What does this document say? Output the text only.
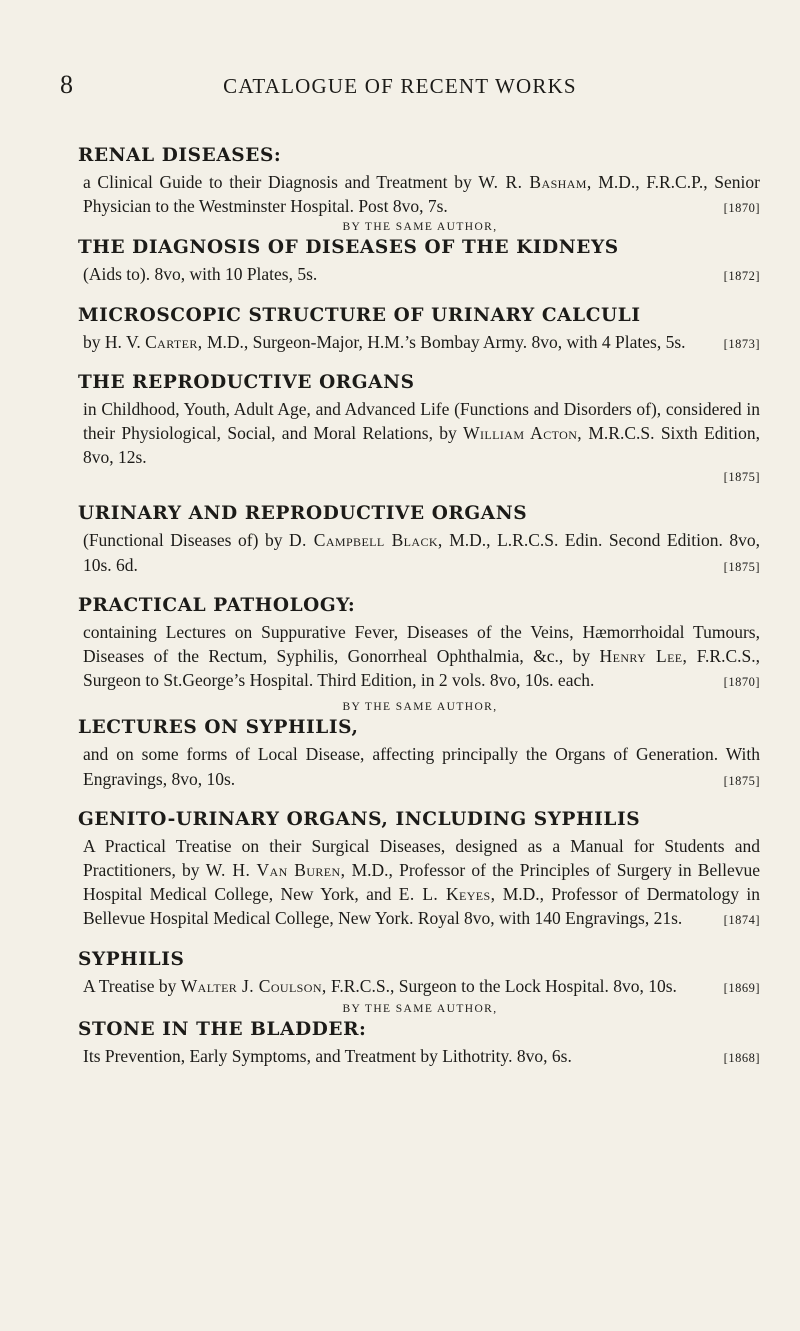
8	CATALOGUE OF RECENT WORKS
RENAL DISEASES:
a Clinical Guide to their Diagnosis and Treatment by W. R. Basham, M.D., F.R.C.P., Senior Physician to the Westminster Hospital. Post 8vo, 7s.	[1870]
BY THE SAME AUTHOR,
THE DIAGNOSIS OF DISEASES OF THE KIDNEYS
(Aids to). 8vo, with 10 Plates, 5s.	[1872]
MICROSCOPIC STRUCTURE OF URINARY CALCULI
by H. V. Carter, M.D., Surgeon-Major, H.M.’s Bombay Army. 8vo, with 4 Plates, 5s.	[1873]
THE REPRODUCTIVE ORGANS
in Childhood, Youth, Adult Age, and Advanced Life (Functions and Disorders of), considered in their Physiological, Social, and Moral Relations, by William Acton, M.R.C.S. Sixth Edition, 8vo, 12s.
[1875]
URINARY AND REPRODUCTIVE ORGANS
(Functional Diseases of) by D. Campbell Black, M.D., L.R.C.S. Edin. Second Edition. 8vo, 10s. 6d.	[1875]
PRACTICAL PATHOLOGY:
containing Lectures on Suppurative Fever, Diseases of the Veins, Hæmorrhoidal Tumours, Diseases of the Rectum, Syphilis, Gonorrheal Ophthalmia, &c., by Henry Lee, F.R.C.S., Surgeon to St.George’s Hospital. Third Edition, in 2 vols. 8vo, 10s. each.	[1870]
BY THE SAME AUTHOR,
LECTURES ON SYPHILIS,
and on some forms of Local Disease, affecting principally the Organs of Generation. With Engravings, 8vo, 10s.	[1875]
GENITO-URINARY ORGANS, INCLUDING SYPHILIS
A Practical Treatise on their Surgical Diseases, designed as a Manual for Students and Practitioners, by W. H. Van Buren, M.D., Professor of the Principles of Surgery in Bellevue Hospital Medical College, New York, and E. L. Keyes, M.D., Professor of Dermatology in Bellevue Hospital Medical College, New York. Royal 8vo, with 140 Engravings, 21s.	[1874]
SYPHILIS
A Treatise by Walter J. Coulson, F.R.C.S., Surgeon to the Lock Hospital. 8vo, 10s.	[1869]
BY THE SAME AUTHOR,
STONE IN THE BLADDER:
Its Prevention, Early Symptoms, and Treatment by Lithotrity. 8vo, 6s.	[1868]
